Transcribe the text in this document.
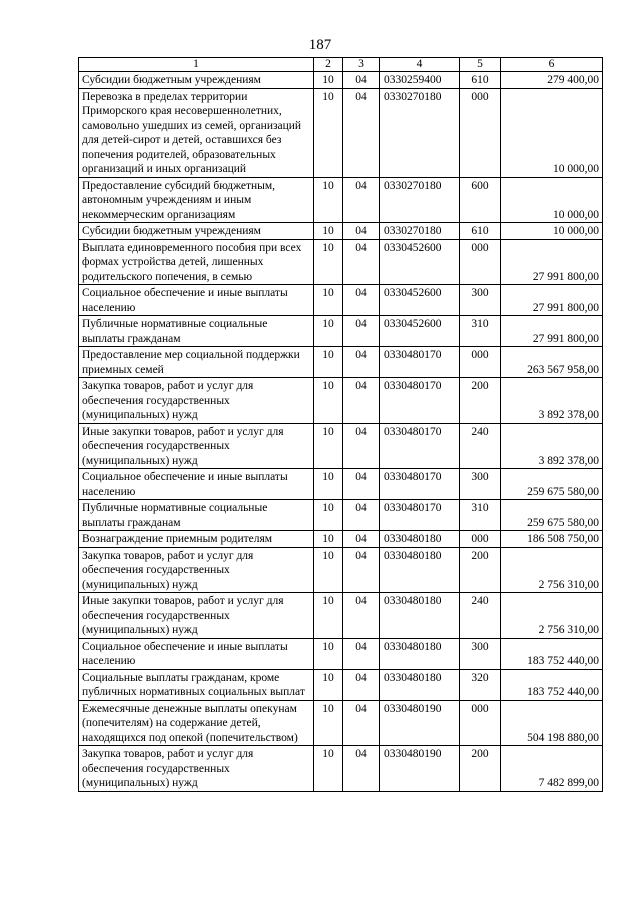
187
1	2	3	4	5	6
Субсидии бюджетным учреждениям	10	04	0330259400	610	279 400,00
Перевозка в пределах территории Приморского края несовершеннолетних, самовольно ушедших из семей, организаций для детей-сирот и детей, оставшихся без попечения родителей, образовательных организаций и иных организаций	10	04	0330270180	000	10 000,00
Предоставление субсидий бюджетным, автономным учреждениям и иным некоммерческим организациям	10	04	0330270180	600	10 000,00
Субсидии бюджетным учреждениям	10	04	0330270180	610	10 000,00
Выплата единовременного пособия при всех формах устройства детей, лишенных родительского попечения, в семью	10	04	0330452600	000	27 991 800,00
Социальное обеспечение и иные выплаты населению	10	04	0330452600	300	27 991 800,00
Публичные нормативные социальные выплаты гражданам	10	04	0330452600	310	27 991 800,00
Предоставление мер социальной поддержки приемных семей	10	04	0330480170	000	263 567 958,00
Закупка товаров, работ и услуг для обеспечения государственных (муниципальных) нужд	10	04	0330480170	200	3 892 378,00
Иные закупки товаров, работ и услуг для обеспечения государственных (муниципальных) нужд	10	04	0330480170	240	3 892 378,00
Социальное обеспечение и иные выплаты населению	10	04	0330480170	300	259 675 580,00
Публичные нормативные социальные выплаты гражданам	10	04	0330480170	310	259 675 580,00
Вознаграждение приемным родителям	10	04	0330480180	000	186 508 750,00
Закупка товаров, работ и услуг для обеспечения государственных (муниципальных) нужд	10	04	0330480180	200	2 756 310,00
Иные закупки товаров, работ и услуг для обеспечения государственных (муниципальных) нужд	10	04	0330480180	240	2 756 310,00
Социальное обеспечение и иные выплаты населению	10	04	0330480180	300	183 752 440,00
Социальные выплаты гражданам, кроме публичных нормативных социальных выплат	10	04	0330480180	320	183 752 440,00
Ежемесячные денежные выплаты опекунам (попечителям) на содержание детей, находящихся под опекой (попечительством)	10	04	0330480190	000	504 198 880,00
Закупка товаров, работ и услуг для обеспечения государственных (муниципальных) нужд	10	04	0330480190	200	7 482 899,00
